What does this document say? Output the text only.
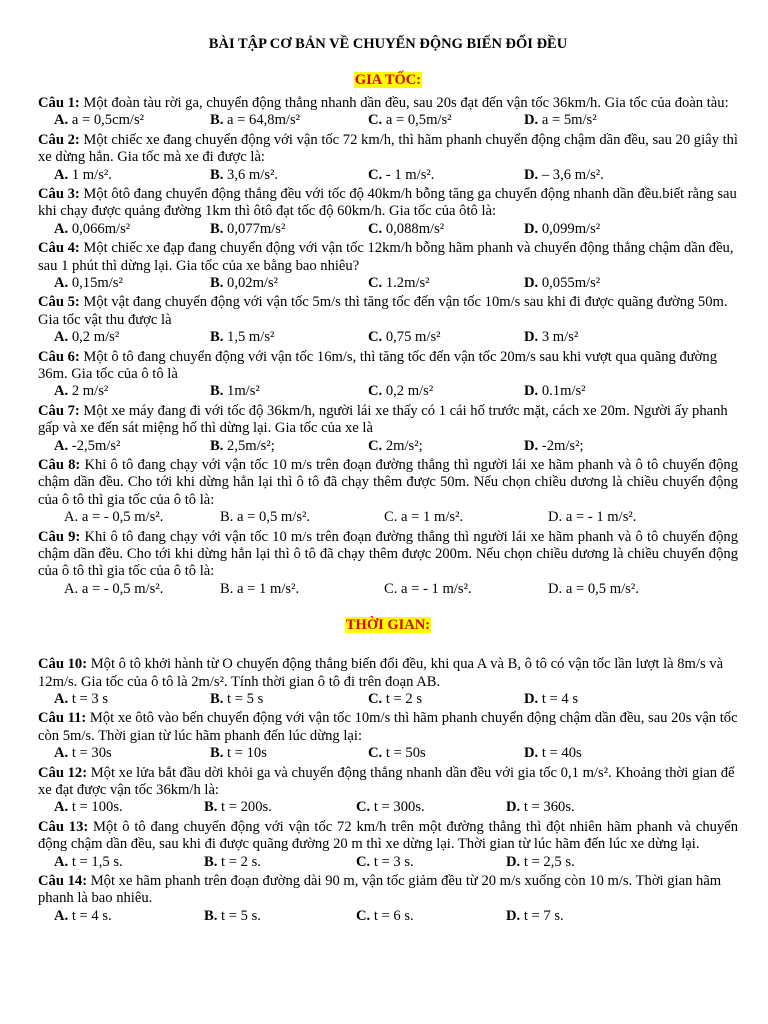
BÀI TẬP CƠ BẢN VỀ CHUYỂN ĐỘNG BIẾN ĐỔI ĐỀU
GIA TỐC:

Câu 1: Một đoàn tàu rời ga, chuyển động thẳng nhanh dần đều, sau 20s đạt đến vận tốc 36km/h. Gia tốc của đoàn tàu:

A. a = 0,5cm/s²	B. a = 64,8m/s²	C. a = 0,5m/s²	D. a = 5m/s²

Câu 2: Một chiếc xe đang chuyển động với vận tốc 72 km/h, thì hãm phanh chuyển động chậm dần đều, sau 20 giây thì xe dừng hẳn. Gia tốc mà xe đi được là:

A. 1 m/s².	B. 3,6 m/s².	C. - 1 m/s².	D. – 3,6 m/s².

Câu 3: Một ôtô đang chuyển động thẳng đều với tốc độ 40km/h bỗng tăng ga chuyển động nhanh dần đều.biết rằng sau khi chạy được quảng đường 1km thì ôtô đạt tốc độ 60km/h. Gia tốc của ôtô là:

A. 0,066m/s²	B. 0,077m/s²	C. 0,088m/s²	D. 0,099m/s²

Câu 4: Một chiếc xe đạp đang chuyển động với vận tốc 12km/h bỗng hãm phanh và chuyển động thẳng chậm dần đều, sau 1 phút thì dừng lại. Gia tốc của xe bằng bao nhiêu?

A. 0,15m/s²	B. 0,02m/s²	C. 1.2m/s²	D. 0,055m/s²

Câu 5: Một vật đang chuyển động với vận tốc 5m/s thì tăng tốc đến vận tốc 10m/s sau khi đi được quãng đường 50m. Gia tốc vật thu được là

A. 0,2 m/s²	B. 1,5 m/s²	C. 0,75 m/s²	D. 3 m/s²

Câu 6: Một ô tô đang chuyển động với vận tốc 16m/s, thì tăng tốc đến vận tốc 20m/s sau khi vượt qua quãng đường 36m. Gia tốc của ô tô là

A. 2 m/s²	B. 1m/s²	C. 0,2 m/s²	D. 0.1m/s²

Câu 7: Một xe máy đang đi với tốc độ 36km/h, người lái xe thấy có 1 cái hố trước mặt, cách xe 20m. Người ấy phanh gấp và xe đến sát miệng hố thì dừng lại. Gia tốc của xe là

A. -2,5m/s²	B. 2,5m/s²;	C. 2m/s²;	D. -2m/s²;

Câu 8: Khi ô tô đang chạy với vận tốc 10 m/s trên đoạn đường thẳng thì người lái xe hãm phanh và ô tô chuyển động chậm dần đều. Cho tới khi dừng hẳn lại thì ô tô đã chạy thêm được 50m. Nếu chọn chiều dương là chiều chuyển động của ô tô thì gia tốc của ô tô là:

A. a = - 0,5 m/s².	B. a = 0,5 m/s².	C. a = 1 m/s².	D. a = - 1 m/s².

Câu 9: Khi ô tô đang chạy với vận tốc 10 m/s trên đoạn đường thẳng thì người lái xe hãm phanh và ô tô chuyển động chậm dần đều. Cho tới khi dừng hẳn lại thì ô tô đã chạy thêm được 200m. Nếu chọn chiều dương là chiều chuyển động của ô tô thì gia tốc của ô tô là:

A. a = - 0,5 m/s².	B. a = 1 m/s².	C. a = - 1 m/s².	D. a = 0,5 m/s².
THỜI GIAN:

Câu 10: Một ô tô khởi hành từ O chuyển động thẳng biến đổi đều, khi qua A và B, ô tô có vận tốc lần lượt là 8m/s và 12m/s. Gia tốc của ô tô là 2m/s². Tính thời gian ô tô đi trên đoạn AB.

A. t = 3 s	B. t = 5 s	C. t = 2 s	D. t = 4 s

Câu 11: Một xe ôtô vào bến chuyển động với vận tốc 10m/s thì hãm phanh chuyển động chậm dần đều, sau 20s vận tốc còn 5m/s. Thời gian từ lúc hãm phanh đến lúc dừng lại:

A. t = 30s	B. t = 10s	C. t = 50s	D. t = 40s

Câu 12: Một xe lửa bắt đầu dời khỏi ga và chuyển động thẳng nhanh dần đều với gia tốc 0,1 m/s². Khoảng thời gian để xe đạt được vận tốc 36km/h là:

A. t = 100s.	B. t = 200s.	C. t = 300s.	D. t = 360s.

Câu 13: Một ô tô đang chuyển động với vận tốc 72 km/h trên một đường thẳng thì đột nhiên hãm phanh và chuyển động chậm dần đều, sau khi đi được quãng đường 20 m thì xe dừng lại. Thời gian từ lúc hãm đến lúc xe dừng lại.

A. t = 1,5 s.	B. t = 2 s.	C. t = 3 s.	D. t = 2,5 s.

Câu 14: Một xe hãm phanh trên đoạn đường dài 90 m, vận tốc giảm đều từ 20 m/s xuống còn 10 m/s. Thời gian hãm phanh là bao nhiêu.

A. t = 4 s.	B. t = 5 s.	C. t = 6 s.	D. t = 7 s.
